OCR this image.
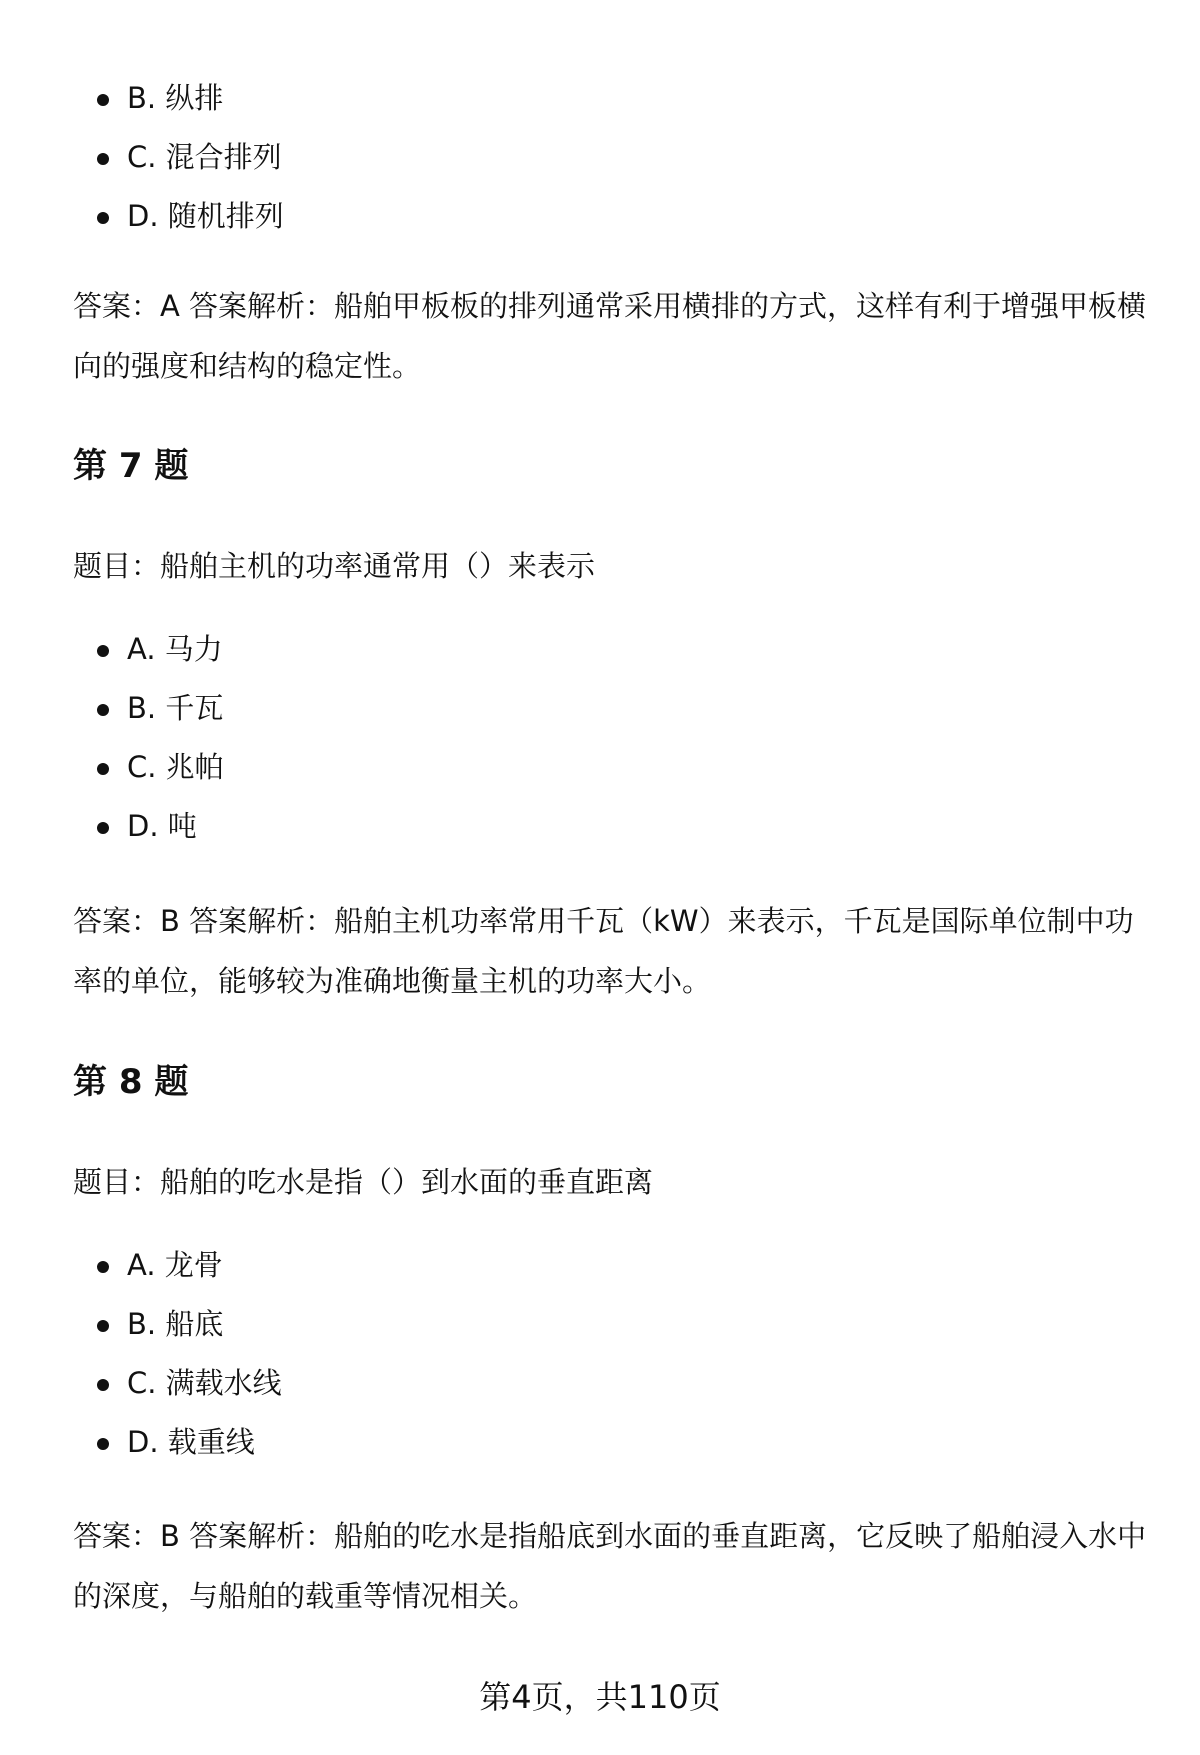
B. 纵排
C. 混合排列
D. 随机排列

答案：A 答案解析：船舶甲板板的排列通常采用横排的方式，这样有利于增强甲板横向的强度和结构的稳定性。

第 7 题

题目：船舶主机的功率通常用（）来表示

A. 马力
B. 千瓦
C. 兆帕
D. 吨

答案：B 答案解析：船舶主机功率常用千瓦（kW）来表示，千瓦是国际单位制中功率的单位，能够较为准确地衡量主机的功率大小。

第 8 题

题目：船舶的吃水是指（）到水面的垂直距离

A. 龙骨
B. 船底
C. 满载水线
D. 载重线

答案：B 答案解析：船舶的吃水是指船底到水面的垂直距离，它反映了船舶浸入水中的深度，与船舶的载重等情况相关。

第4页，共110页
